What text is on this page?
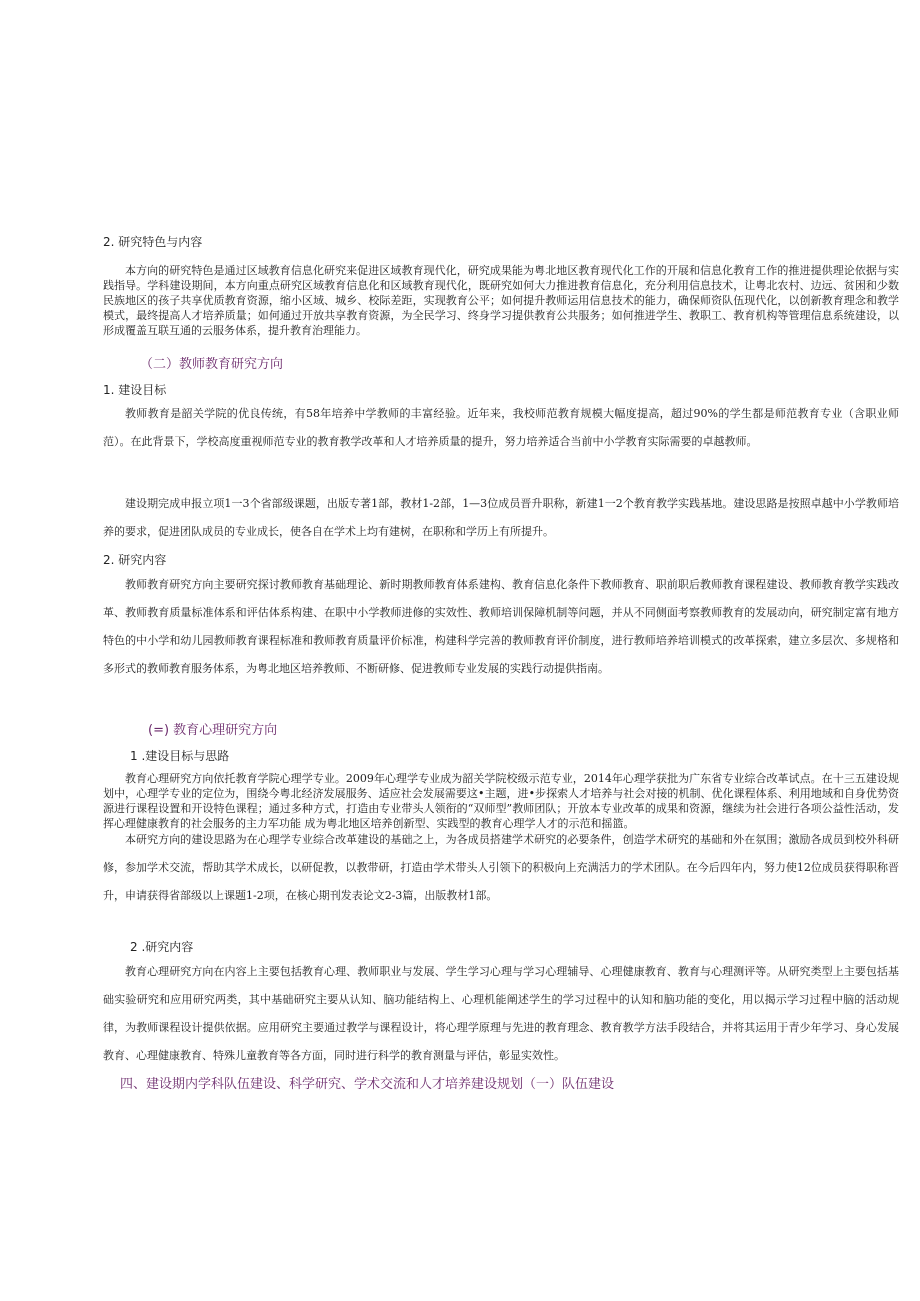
2. 研究特色与内容

本方向的研究特色是通过区域教育信息化研究来促进区域教育现代化，研究成果能为粤北地区教育现代化工作的开展和信息化教育工作的推进提供理论依据与实践指导。学科建设期间，本方向重点研究区域教育信息化和区域教育现代化，既研究如何大力推进教育信息化，充分利用信息技术，让粤北农村、边远、贫困和少数民族地区的孩子共享优质教育资源，缩小区域、城乡、校际差距，实现教育公平；如何提升教师运用信息技术的能力，确保师资队伍现代化，以创新教育理念和教学模式，最终提高人才培养质量；如何通过开放共享教育资源，为全民学习、终身学习提供教育公共服务；如何推进学生、教职工、教育机构等管理信息系统建设，以形成覆盖互联互通的云服务体系，提升教育治理能力。

（二）教师教育研究方向
1. 建设目标

教师教育是韶关学院的优良传统，有58年培养中学教师的丰富经验。近年来，我校师范教育规模大幅度提高，超过90%的学生都是师范教育专业（含职业师范）。在此背景下，学校高度重视师范专业的教育教学改革和人才培养质量的提升，努力培养适合当前中小学教育实际需要的卓越教师。

建设期完成申报立项1一3个省部级课题，出版专著1部，教材1-2部，1—3位成员晋升职称，新建1一2个教育教学实践基地。建设思路是按照卓越中小学教师培养的要求，促进团队成员的专业成长，使各自在学术上均有建树，在职称和学历上有所提升。

2. 研究内容

教师教育研究方向主要研究探讨教师教育基础理论、新时期教师教育体系建构、教育信息化条件下教师教育、职前职后教师教育课程建设、教师教育教学实践改革、教师教育质量标准体系和评估体系构建、在职中小学教师进修的实效性、教师培训保障机制等问题，并从不同侧面考察教师教育的发展动向，研究制定富有地方特色的中小学和幼儿园教师教育课程标准和教师教育质量评价标准，构建科学完善的教师教育评价制度，进行教师培养培训模式的改革探索，建立多层次、多规格和多形式的教师教育服务体系，为粤北地区培养教师、不断研修、促进教师专业发展的实践行动提供指南。

(=) 教育心理研究方向
1 .建设目标与思路

教育心理研究方向依托教育学院心理学专业。2009年心理学专业成为韶关学院校级示范专业，2014年心理学获批为广东省专业综合改革试点。在十三五建设规划中，心理学专业的定位为，围绕今粤北经济发展服务、适应社会发展需要这•主题，进•步探索人才培养与社会对接的机制、优化课程体系、利用地域和自身优势资源进行课程设置和开设特色课程；通过多种方式，打造由专业带头人领衔的“双师型”教师团队；开放本专业改革的成果和资源，继续为社会进行各项公益性活动，发挥心理健康教育的社会服务的主力军功能 成为粤北地区培养创新型、实践型的教育心理学人才的示范和摇篮。

本研究方向的建设思路为在心理学专业综合改革建设的基础之上，为各成员搭建学术研究的必要条件，创造学术研究的基础和外在氛围；激励各成员到校外科研修，参加学术交流，帮助其学术成长，以研促教，以教带研，打造由学术带头人引领下的积极向上充满活力的学术团队。在今后四年内，努力使12位成员获得职称晋升，申请获得省部级以上课题1-2项，在核心期刊发表论文2-3篇，出版教材1部。

2 .研究内容

教育心理研究方向在内容上主要包括教育心理、教师职业与发展、学生学习心理与学习心理辅导、心理健康教育、教育与心理测评等。从研究类型上主要包括基础实验研究和应用研究两类，其中基础研究主要从认知、脑功能结构上、心理机能阐述学生的学习过程中的认知和脑功能的变化，用以揭示学习过程中脑的活动规律，为教师课程设计提供依据。应用研究主要通过教学与课程设计，将心理学原理与先进的教育理念、教育教学方法手段结合，并将其运用于青少年学习、身心发展教育、心理健康教育、特殊儿童教育等各方面，同时进行科学的教育测量与评估，彰显实效性。

四、建设期内学科队伍建设、科学研究、学术交流和人才培养建设规划（一）队伍建设
